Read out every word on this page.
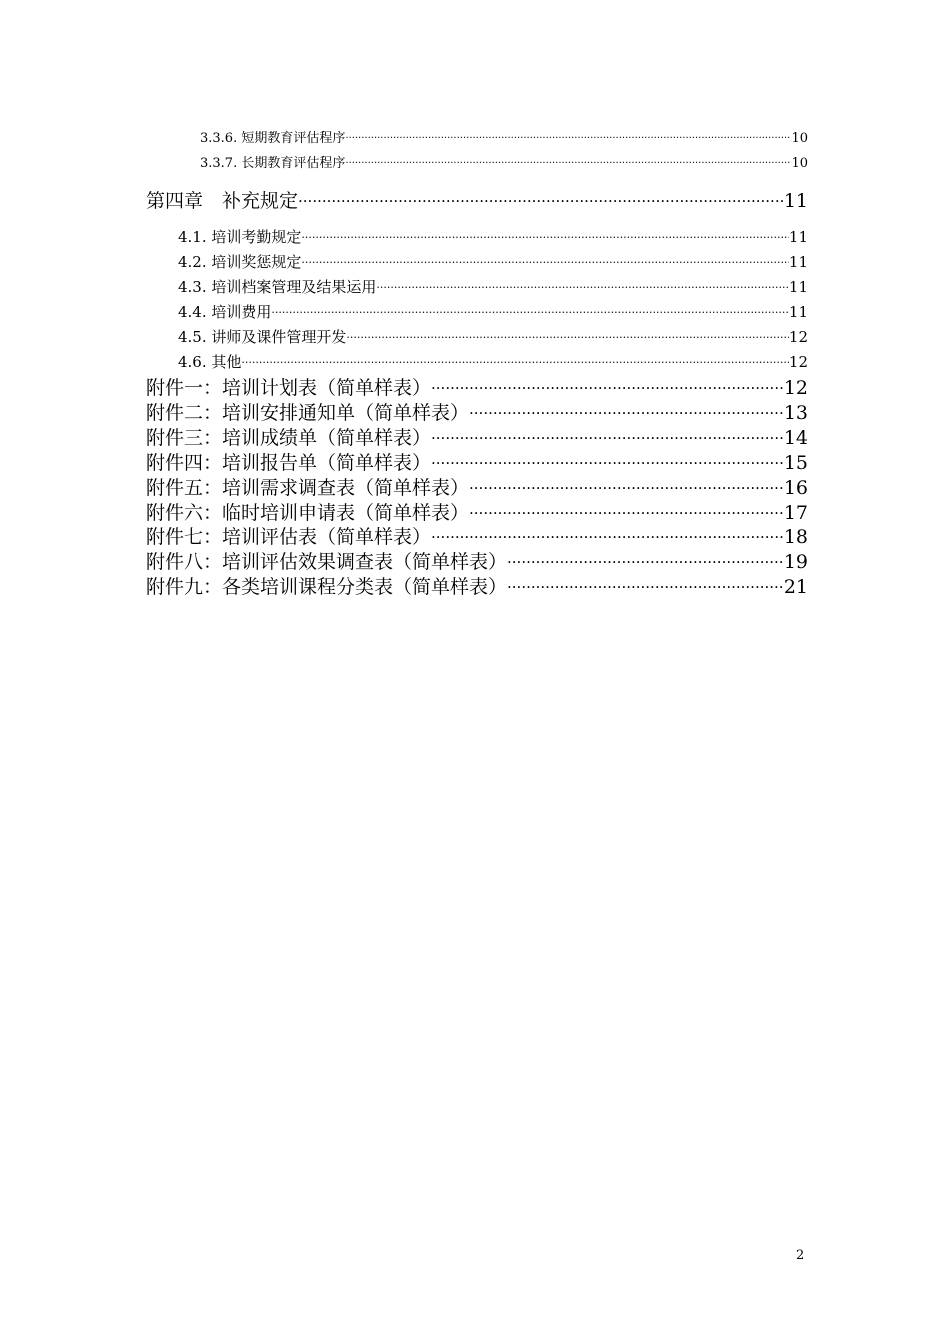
3.3.6. 短期教育评估程序 .....	10
3.3.7. 长期教育评估程序 .....	10
第四章　补充规定 .....	11
4.1. 培训考勤规定 .....	11
4.2. 培训奖惩规定 .....	11
4.3. 培训档案管理及结果运用 .....	11
4.4. 培训费用 .....	11
4.5. 讲师及课件管理开发 .....	12
4.6. 其他 .....	12
附件一：培训计划表（简单样表） .....	12
附件二：培训安排通知单（简单样表） .....	13
附件三：培训成绩单（简单样表） .....	14
附件四：培训报告单（简单样表） .....	15
附件五：培训需求调查表（简单样表） .....	16
附件六：临时培训申请表（简单样表） .....	17
附件七：培训评估表（简单样表） .....	18
附件八：培训评估效果调查表（简单样表） .....	19
附件九：各类培训课程分类表（简单样表） .....	21
2
